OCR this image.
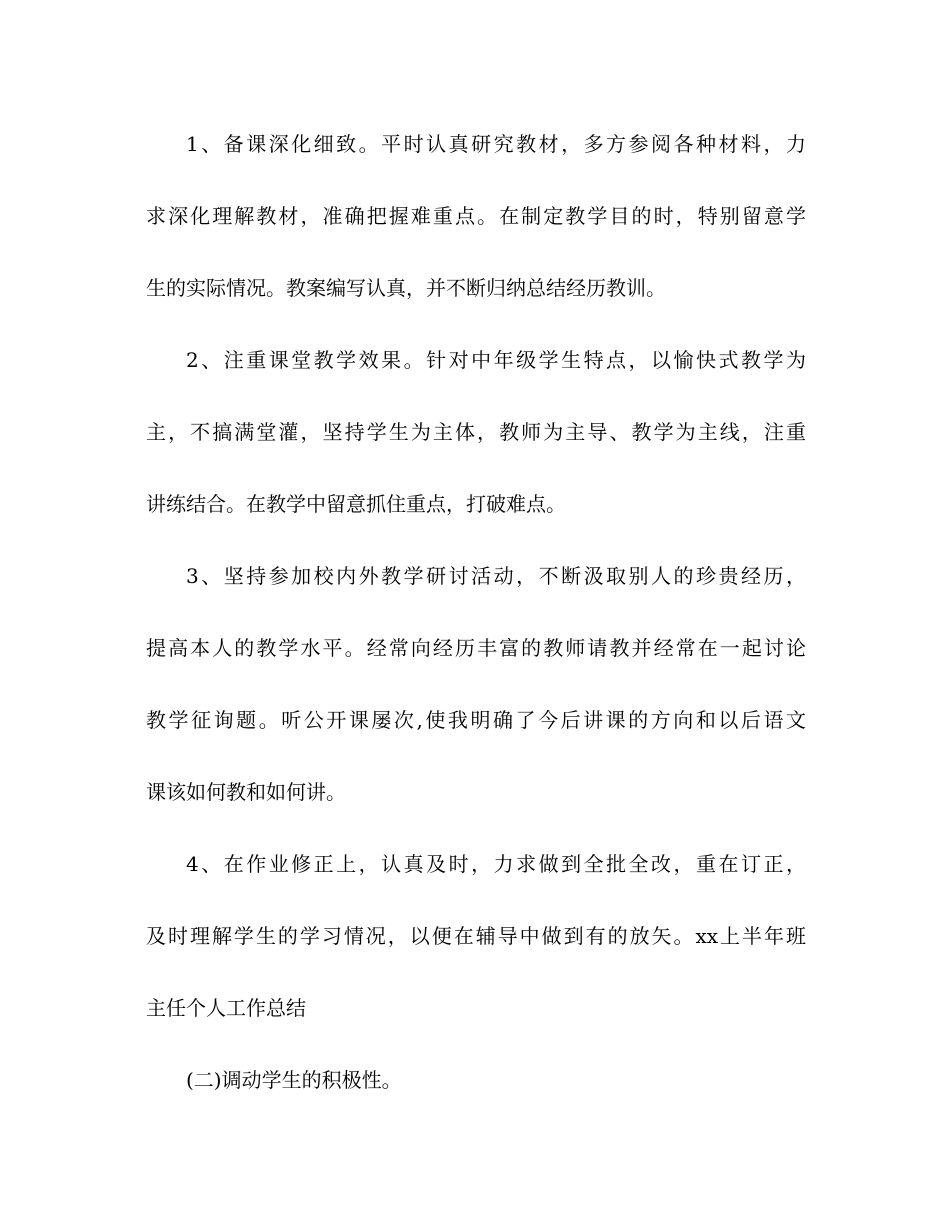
1、备课深化细致。平时认真研究教材，多方参阅各种材料，力
求深化理解教材，准确把握难重点。在制定教学目的时，特别留意学
生的实际情况。教案编写认真，并不断归纳总结经历教训。
2、注重课堂教学效果。针对中年级学生特点，以愉快式教学为
主，不搞满堂灌，坚持学生为主体，教师为主导、教学为主线，注重
讲练结合。在教学中留意抓住重点，打破难点。
3、坚持参加校内外教学研讨活动，不断汲取别人的珍贵经历，
提高本人的教学水平。经常向经历丰富的教师请教并经常在一起讨论
教学征询题。听公开课屡次,使我明确了今后讲课的方向和以后语文
课该如何教和如何讲。
4、在作业修正上，认真及时，力求做到全批全改，重在订正，
及时理解学生的学习情况，以便在辅导中做到有的放矢。xx上半年班
主任个人工作总结
(二)调动学生的积极性。
